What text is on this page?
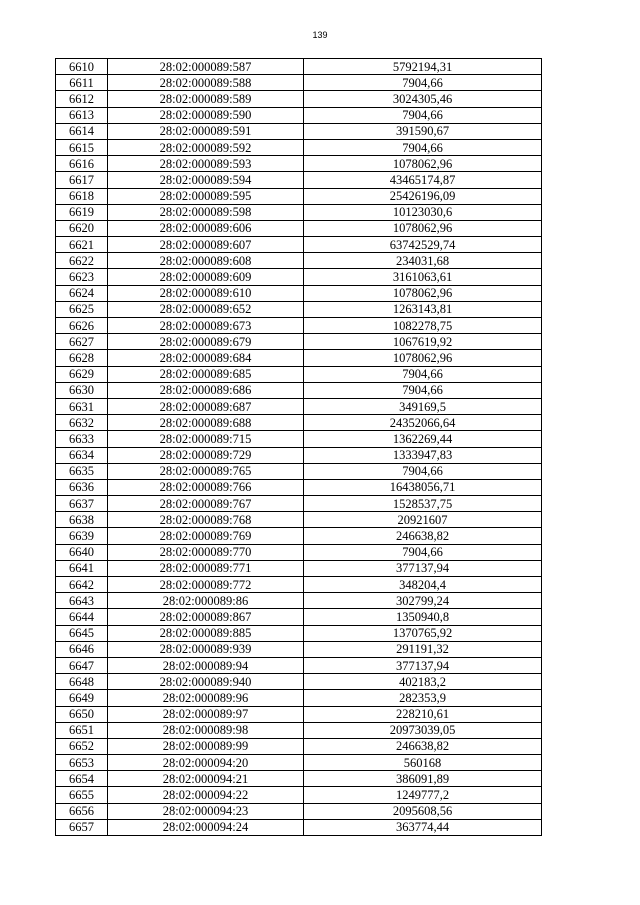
139
6610	28:02:000089:587	5792194,31
6611	28:02:000089:588	7904,66
6612	28:02:000089:589	3024305,46
6613	28:02:000089:590	7904,66
6614	28:02:000089:591	391590,67
6615	28:02:000089:592	7904,66
6616	28:02:000089:593	1078062,96
6617	28:02:000089:594	43465174,87
6618	28:02:000089:595	25426196,09
6619	28:02:000089:598	10123030,6
6620	28:02:000089:606	1078062,96
6621	28:02:000089:607	63742529,74
6622	28:02:000089:608	234031,68
6623	28:02:000089:609	3161063,61
6624	28:02:000089:610	1078062,96
6625	28:02:000089:652	1263143,81
6626	28:02:000089:673	1082278,75
6627	28:02:000089:679	1067619,92
6628	28:02:000089:684	1078062,96
6629	28:02:000089:685	7904,66
6630	28:02:000089:686	7904,66
6631	28:02:000089:687	349169,5
6632	28:02:000089:688	24352066,64
6633	28:02:000089:715	1362269,44
6634	28:02:000089:729	1333947,83
6635	28:02:000089:765	7904,66
6636	28:02:000089:766	16438056,71
6637	28:02:000089:767	1528537,75
6638	28:02:000089:768	20921607
6639	28:02:000089:769	246638,82
6640	28:02:000089:770	7904,66
6641	28:02:000089:771	377137,94
6642	28:02:000089:772	348204,4
6643	28:02:000089:86	302799,24
6644	28:02:000089:867	1350940,8
6645	28:02:000089:885	1370765,92
6646	28:02:000089:939	291191,32
6647	28:02:000089:94	377137,94
6648	28:02:000089:940	402183,2
6649	28:02:000089:96	282353,9
6650	28:02:000089:97	228210,61
6651	28:02:000089:98	20973039,05
6652	28:02:000089:99	246638,82
6653	28:02:000094:20	560168
6654	28:02:000094:21	386091,89
6655	28:02:000094:22	1249777,2
6656	28:02:000094:23	2095608,56
6657	28:02:000094:24	363774,44
